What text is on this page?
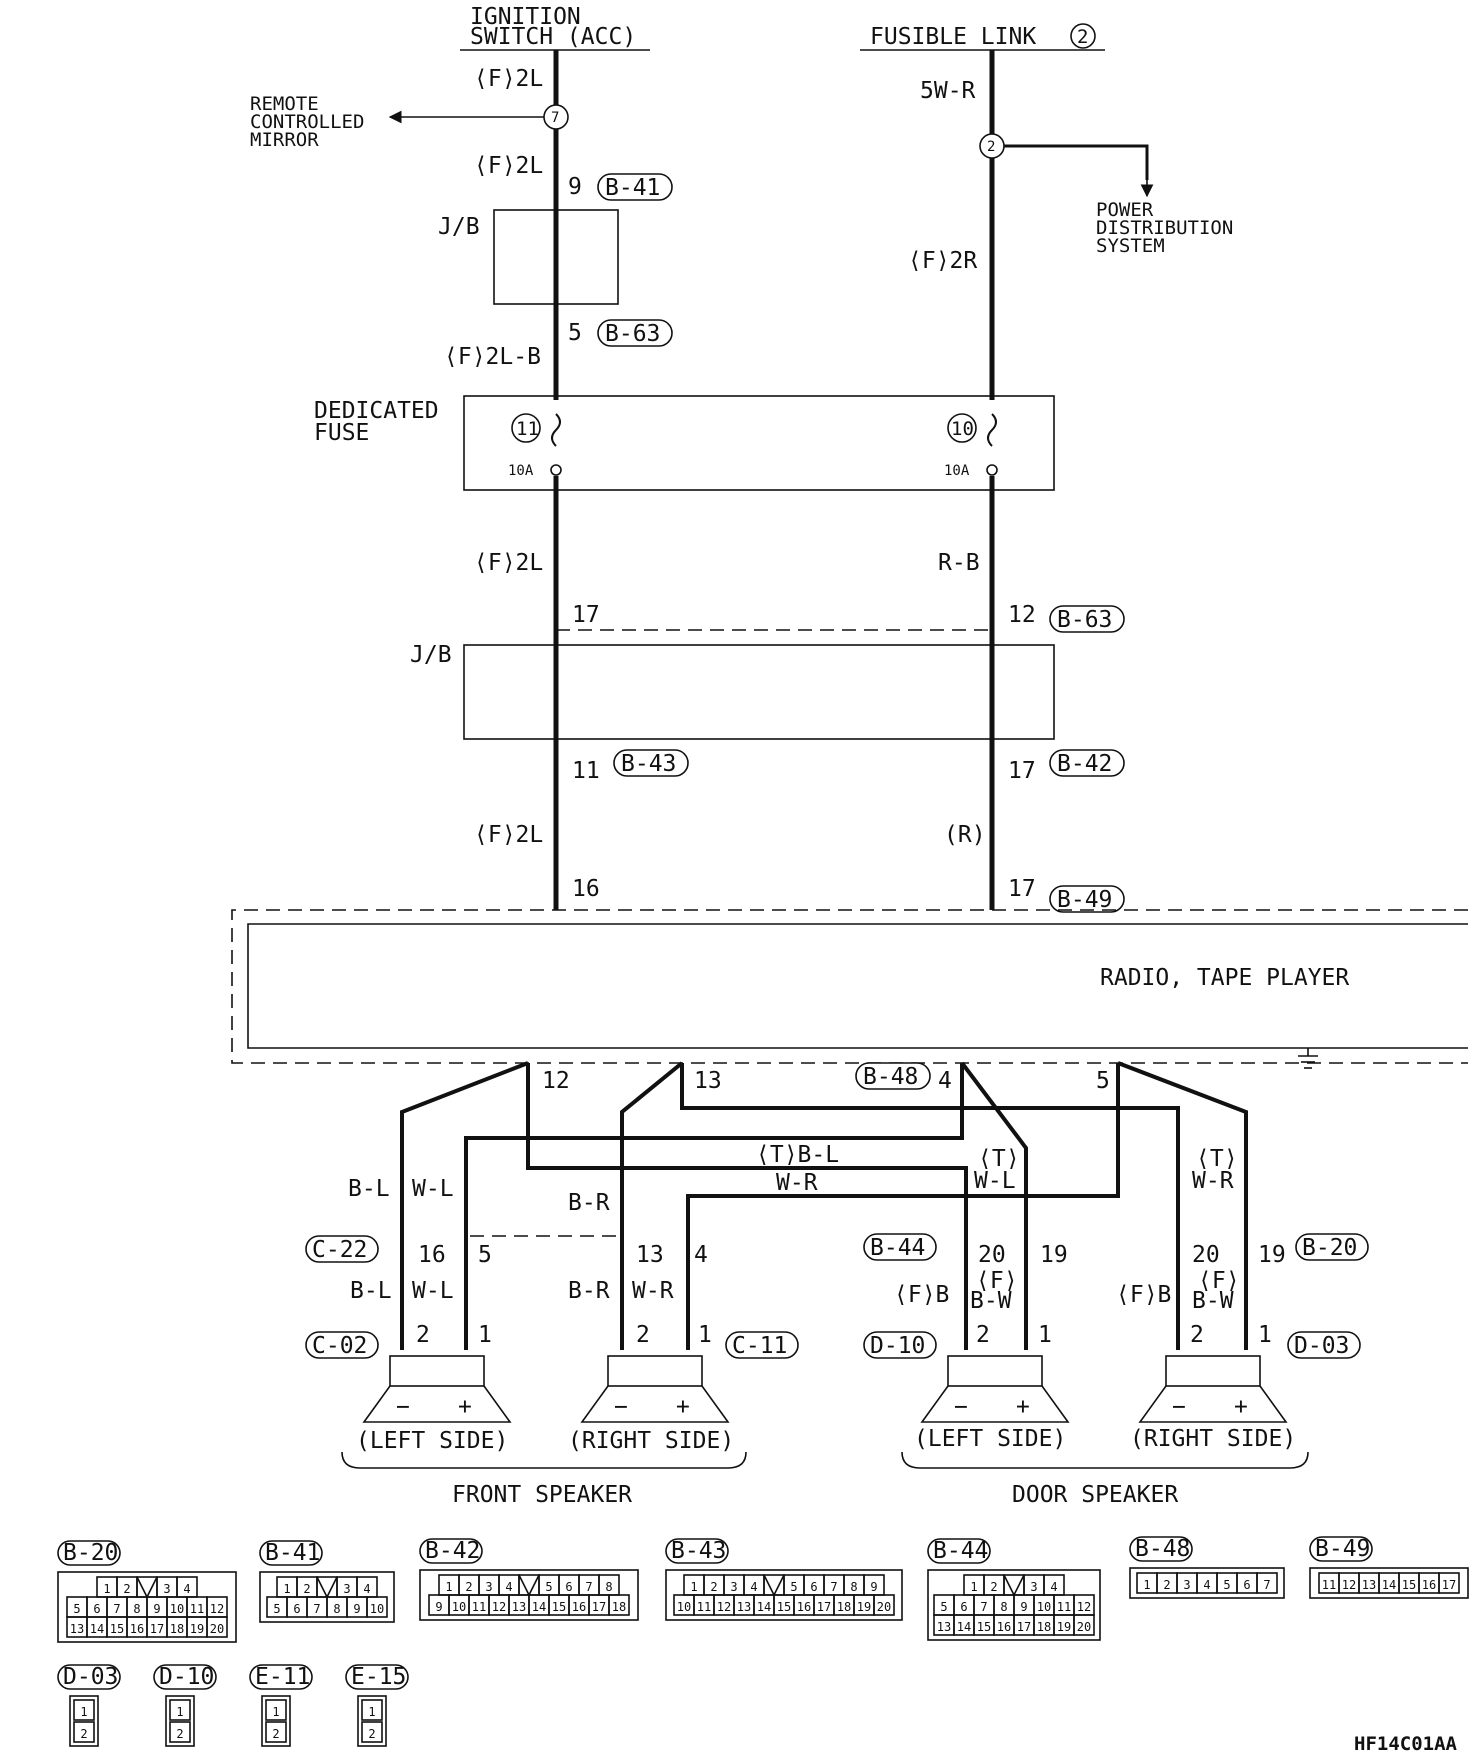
IGNITION
SWITCH (ACC)	FUSIBLE LINK 2
⟨F⟩2L
7
REMOTE
CONTROLLED
MIRROR
⟨F⟩2L
9 B-41
J/B
5 B-63
⟨F⟩2L-B
5W-R
2
POWER
DISTRIBUTION
SYSTEM
⟨F⟩2R
DEDICATED
FUSE	11
10A
10
10A
⟨F⟩2L	R-B
17	12 B-63
J/B
11 B-43	17 B-42
⟨F⟩2L	(R)
16	17 B-49
RADIO, TAPE PLAYER
12	13	B-48 4	5
⟨T⟩B-L
W-R
⟨T⟩
W-L
⟨T⟩
W-R
B-L W-L
C-22 16 5
B-L W-L
C-02 2 1
− +
(LEFT SIDE)
B-R
13 4
B-R W-R
C-11
2 1
− +
(RIGHT SIDE)
B-44 20 19
⟨F⟩B
⟨F⟩
B-W
D-10 2 1
− +
(LEFT SIDE)
20 19 B-20
⟨F⟩B
⟨F⟩
B-W
D-03
2 1
− +
(RIGHT SIDE)
FRONT SPEAKER	DOOR SPEAKER
B-20
1 2	3 4
5 6 7 8 9 10 11 12
13 14 15 16 17 18 19 20
B-41
1 2	3 4
5 6 7 8 9 10
B-42
1 2 3 4	5 6 7 8
9 10 11 12 13 14 15 16 17 18
B-43
1 2 3 4	5 6 7 8 9
10 11 12 13 14 15 16 17 18 19 20
B-44
1 2	3 4
5 6 7 8 9 10 11 12
13 14 15 16 17 18 19 20
B-48
1 2 3 4 5 6 7
B-49
11 12 13 14 15 16 17
D-03
1
2
D-10
1
2
E-11
1
2
E-15
1
2	HF14C01AA
